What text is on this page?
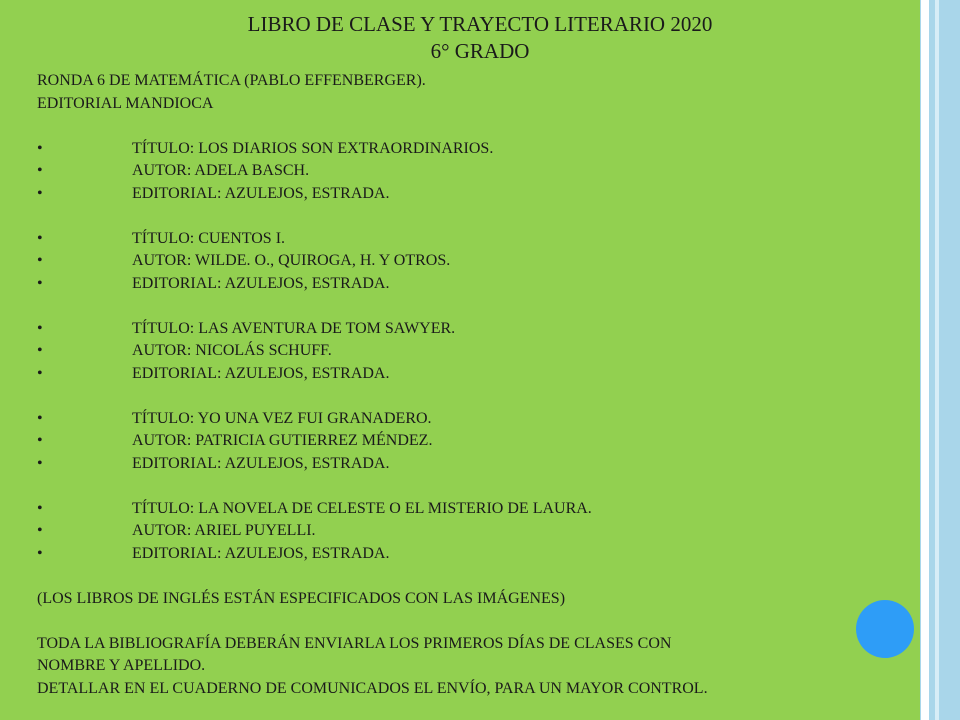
LIBRO DE CLASE Y TRAYECTO LITERARIO 2020
6° GRADO
RONDA 6 DE MATEMÁTICA (PABLO EFFENBERGER).
EDITORIAL MANDIOCA
•	TÍTULO: LOS DIARIOS SON EXTRAORDINARIOS.
•	AUTOR: ADELA BASCH.
•	EDITORIAL: AZULEJOS, ESTRADA.
•	TÍTULO: CUENTOS I.
•	AUTOR: WILDE. O., QUIROGA, H. Y OTROS.
•	EDITORIAL: AZULEJOS, ESTRADA.
•	TÍTULO: LAS AVENTURA DE TOM SAWYER.
•	AUTOR: NICOLÁS SCHUFF.
•	EDITORIAL: AZULEJOS, ESTRADA.
•	TÍTULO: YO UNA VEZ FUI GRANADERO.
•	AUTOR: PATRICIA GUTIERREZ MÉNDEZ.
•	EDITORIAL: AZULEJOS, ESTRADA.
•	TÍTULO: LA NOVELA DE CELESTE O EL MISTERIO DE LAURA.
•	AUTOR: ARIEL PUYELLI.
•	EDITORIAL: AZULEJOS, ESTRADA.
(LOS LIBROS DE INGLÉS ESTÁN ESPECIFICADOS CON LAS IMÁGENES)
TODA LA BIBLIOGRAFÍA DEBERÁN ENVIARLA LOS PRIMEROS DÍAS DE CLASES CON
NOMBRE Y APELLIDO.
DETALLAR EN EL CUADERNO DE COMUNICADOS EL ENVÍO, PARA UN MAYOR CONTROL.
